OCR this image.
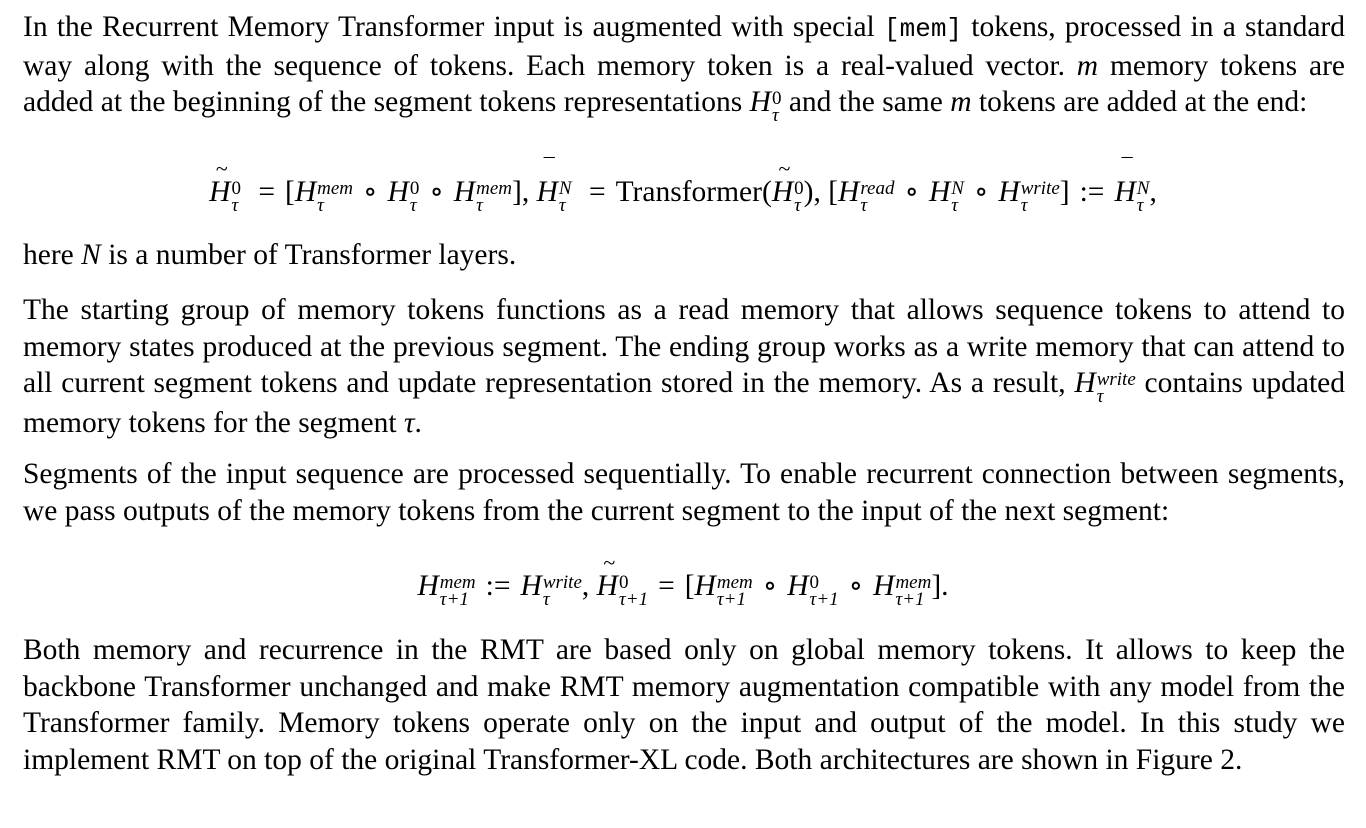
In the Recurrent Memory Transformer input is augmented with special [mem] tokens, processed in a standard way along with the sequence of tokens. Each memory token is a real-valued vector. m memory tokens are added at the beginning of the segment tokens representations H 0
τ and the same m tokens are added at the end:

~
H 0
τ = [H mem
τ	∘ H 0
τ ∘ H mem
τ ],
¯
H N
τ = Transformer(
~
H 0
τ ), [H read
τ	∘ H N
τ ∘ H write
τ	] :=
¯
H N
τ ,

here N is a number of Transformer layers.

The starting group of memory tokens functions as a read memory that allows sequence tokens to attend to memory states produced at the previous segment. The ending group works as a write memory that can attend to all current segment tokens and update representation stored in the memory. As a result, H write
τ	contains updated memory tokens for the segment τ.

Segments of the input sequence are processed sequentially. To enable recurrent connection between segments, we pass outputs of the memory tokens from the current segment to the input of the next segment:

H mem
τ+1 := H write
τ	,
~
H 0
τ+1 = [H mem
τ+1 ∘ H 0
τ+1 ∘ H mem
τ+1 ].

Both memory and recurrence in the RMT are based only on global memory tokens. It allows to keep the backbone Transformer unchanged and make RMT memory augmentation compatible with any model from the Transformer family. Memory tokens operate only on the input and output of the model. In this study we implement RMT on top of the original Transformer-XL code. Both architectures are shown in Figure 2.
